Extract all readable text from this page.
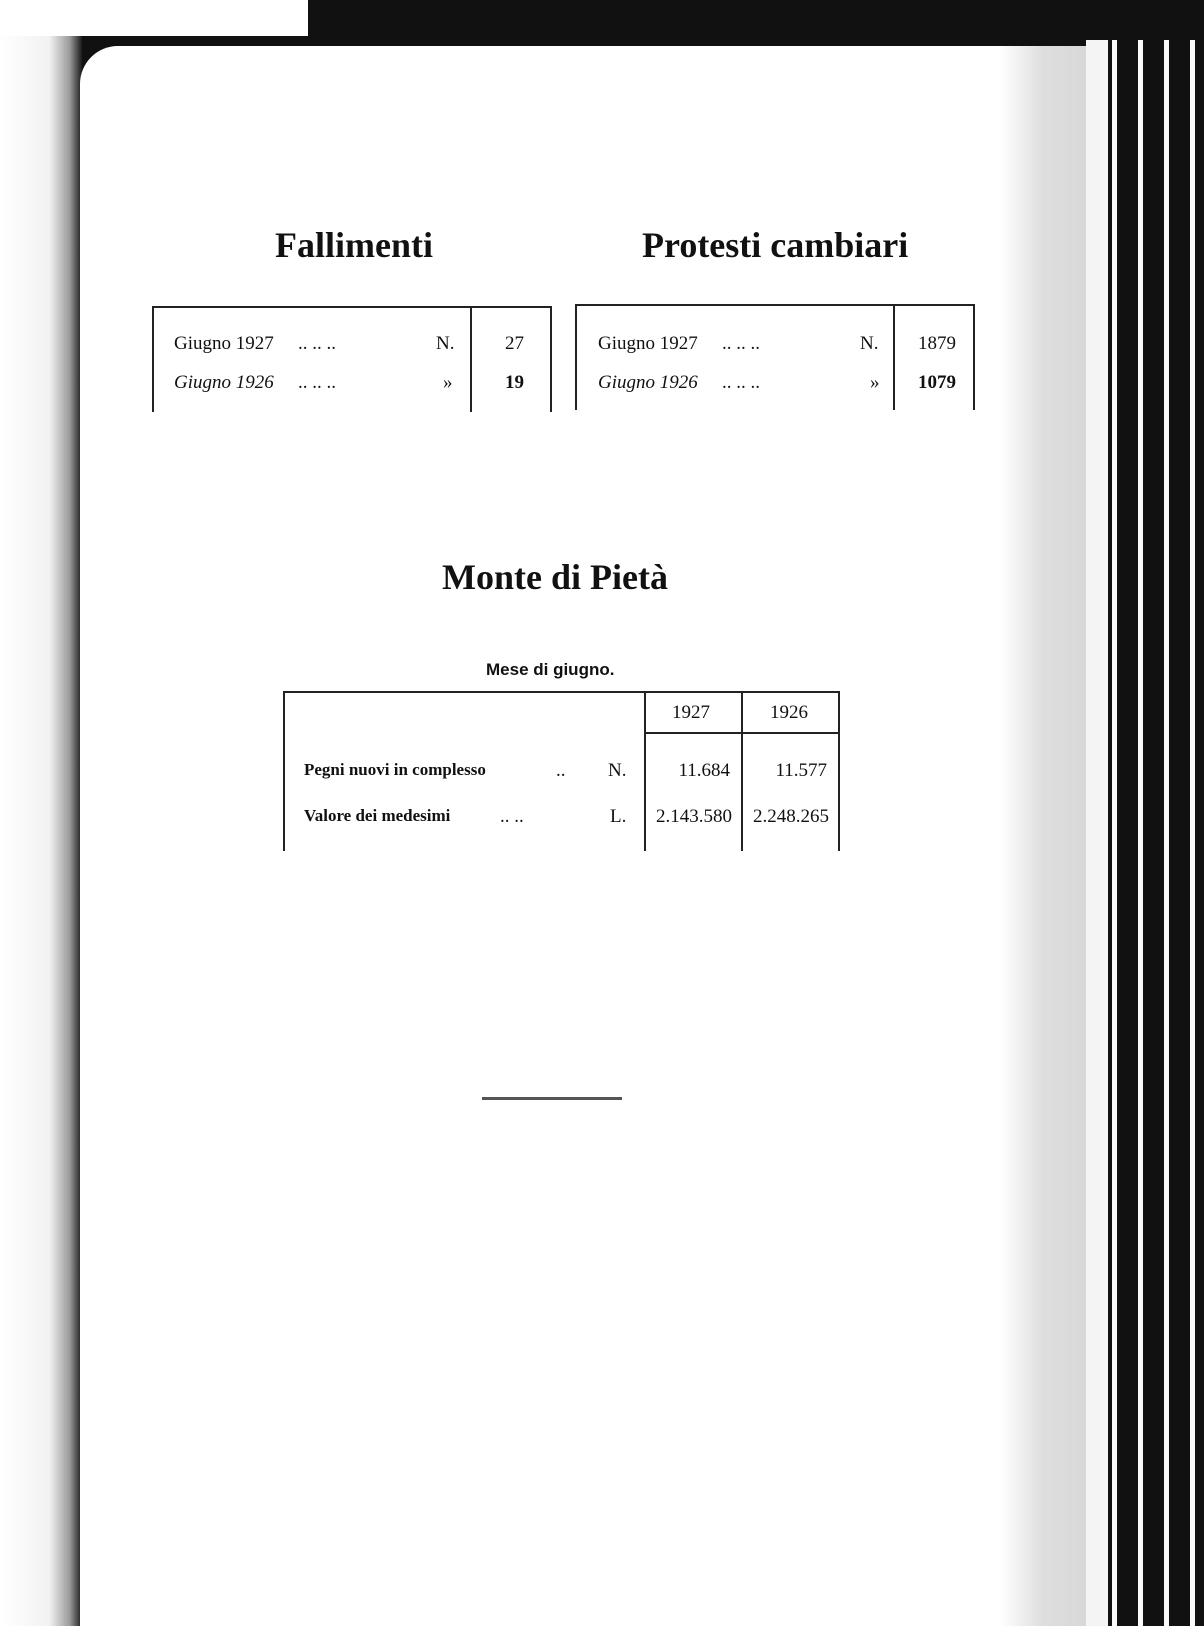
Fallimenti
Giugno 1927 .. .. ..	N.	27
Giugno 1926 .. .. ..	»	19
Protesti cambiari
Giugno 1927 .. .. ..	N.	1879
Giugno 1926 .. .. ..	»	1079
Monte di Pietà

Mese di giugno.

1927	1926
Pegni nuovi in complesso	.. N.	11.684	11.577
Valore dei medesimi	.. ..	L.	2.143.580	2.248.265
